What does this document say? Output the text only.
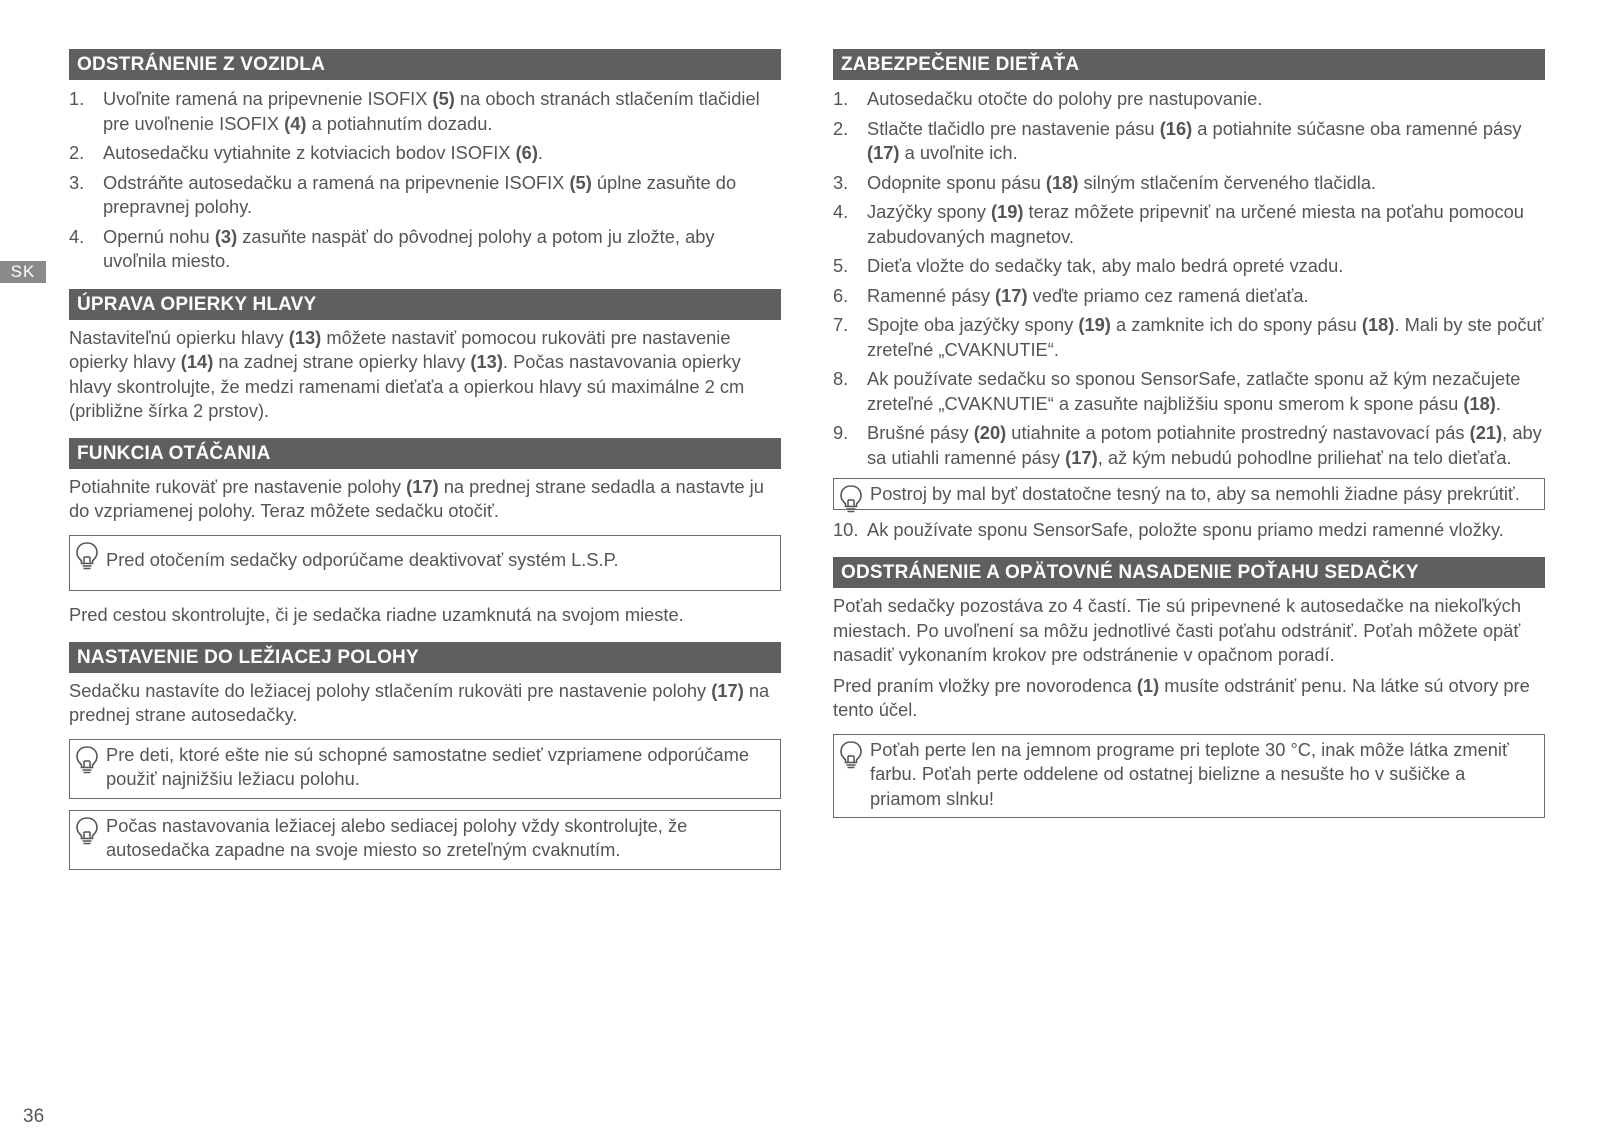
SK
ODSTRÁNENIE Z VOZIDLA
1. Uvoľnite ramená na pripevnenie ISOFIX (5) na oboch stranách stlačením tlačidiel pre uvoľnenie ISOFIX (4) a potiahnutím dozadu.
2. Autosedačku vytiahnite z kotviacich bodov ISOFIX (6).
3. Odstráňte autosedačku a ramená na pripevnenie ISOFIX (5) úplne zasuňte do prepravnej polohy.
4. Opernú nohu (3) zasuňte naspäť do pôvodnej polohy a potom ju zložte, aby uvoľnila miesto.
ÚPRAVA OPIERKY HLAVY

Nastaviteľnú opierku hlavy (13) môžete nastaviť pomocou rukoväti pre nastavenie opierky hlavy (14) na zadnej strane opierky hlavy (13). Počas nastavovania opierky hlavy skontrolujte, že medzi ramenami dieťaťa a opierkou hlavy sú maximálne 2 cm (približne šírka 2 prstov).

FUNKCIA OTÁČANIA

Potiahnite rukoväť pre nastavenie polohy (17) na prednej strane sedadla a nastavte ju do vzpriamenej polohy. Teraz môžete sedačku otočiť.

Pred otočením sedačky odporúčame deaktivovať systém L.S.P.

Pred cestou skontrolujte, či je sedačka riadne uzamknutá na svojom mieste.

NASTAVENIE DO LEŽIACEJ POLOHY

Sedačku nastavíte do ležiacej polohy stlačením rukoväti pre nastavenie polohy (17) na prednej strane autosedačky.

Pre deti, ktoré ešte nie sú schopné samostatne sedieť vzpriamene odporúčame použiť najnižšiu ležiacu polohu.
Počas nastavovania ležiacej alebo sediacej polohy vždy skontrolujte, že autosedačka zapadne na svoje miesto so zreteľným cvaknutím.
ZABEZPEČENIE DIEŤAŤA
1. Autosedačku otočte do polohy pre nastupovanie.
2. Stlačte tlačidlo pre nastavenie pásu (16) a potiahnite súčasne oba ramenné pásy (17) a uvoľnite ich.
3. Odopnite sponu pásu (18) silným stlačením červeného tlačidla.
4. Jazýčky spony (19) teraz môžete pripevniť na určené miesta na poťahu pomocou zabudovaných magnetov.
5. Dieťa vložte do sedačky tak, aby malo bedrá opreté vzadu.
6. Ramenné pásy (17) veďte priamo cez ramená dieťaťa.
7. Spojte oba jazýčky spony (19) a zamknite ich do spony pásu (18). Mali by ste počuť zreteľné „CVAKNUTIE“.
8. Ak používate sedačku so sponou SensorSafe, zatlačte sponu až kým nezačujete zreteľné „CVAKNUTIE“ a zasuňte najbližšiu sponu smerom k spone pásu (18).
9. Brušné pásy (20) utiahnite a potom potiahnite prostredný nastavovací pás (21), aby sa utiahli ramenné pásy (17), až kým nebudú pohodlne priliehať na telo dieťaťa.
Postroj by mal byť dostatočne tesný na to, aby sa nemohli žiadne pásy prekrútiť.
10. Ak používate sponu SensorSafe, položte sponu priamo medzi ramenné vložky.
ODSTRÁNENIE A OPÄTOVNÉ NASADENIE POŤAHU SEDAČKY

Poťah sedačky pozostáva zo 4 častí. Tie sú pripevnené k autosedačke na niekoľkých miestach. Po uvoľnení sa môžu jednotlivé časti poťahu odstrániť. Poťah môžete opäť nasadiť vykonaním krokov pre odstránenie v opačnom poradí.

Pred praním vložky pre novorodenca (1) musíte odstrániť penu. Na látke sú otvory pre tento účel.

Poťah perte len na jemnom programe pri teplote 30 °C, inak môže látka zmeniť farbu. Poťah perte oddelene od ostatnej bielizne a nesušte ho v sušičke a priamom slnku!
36
